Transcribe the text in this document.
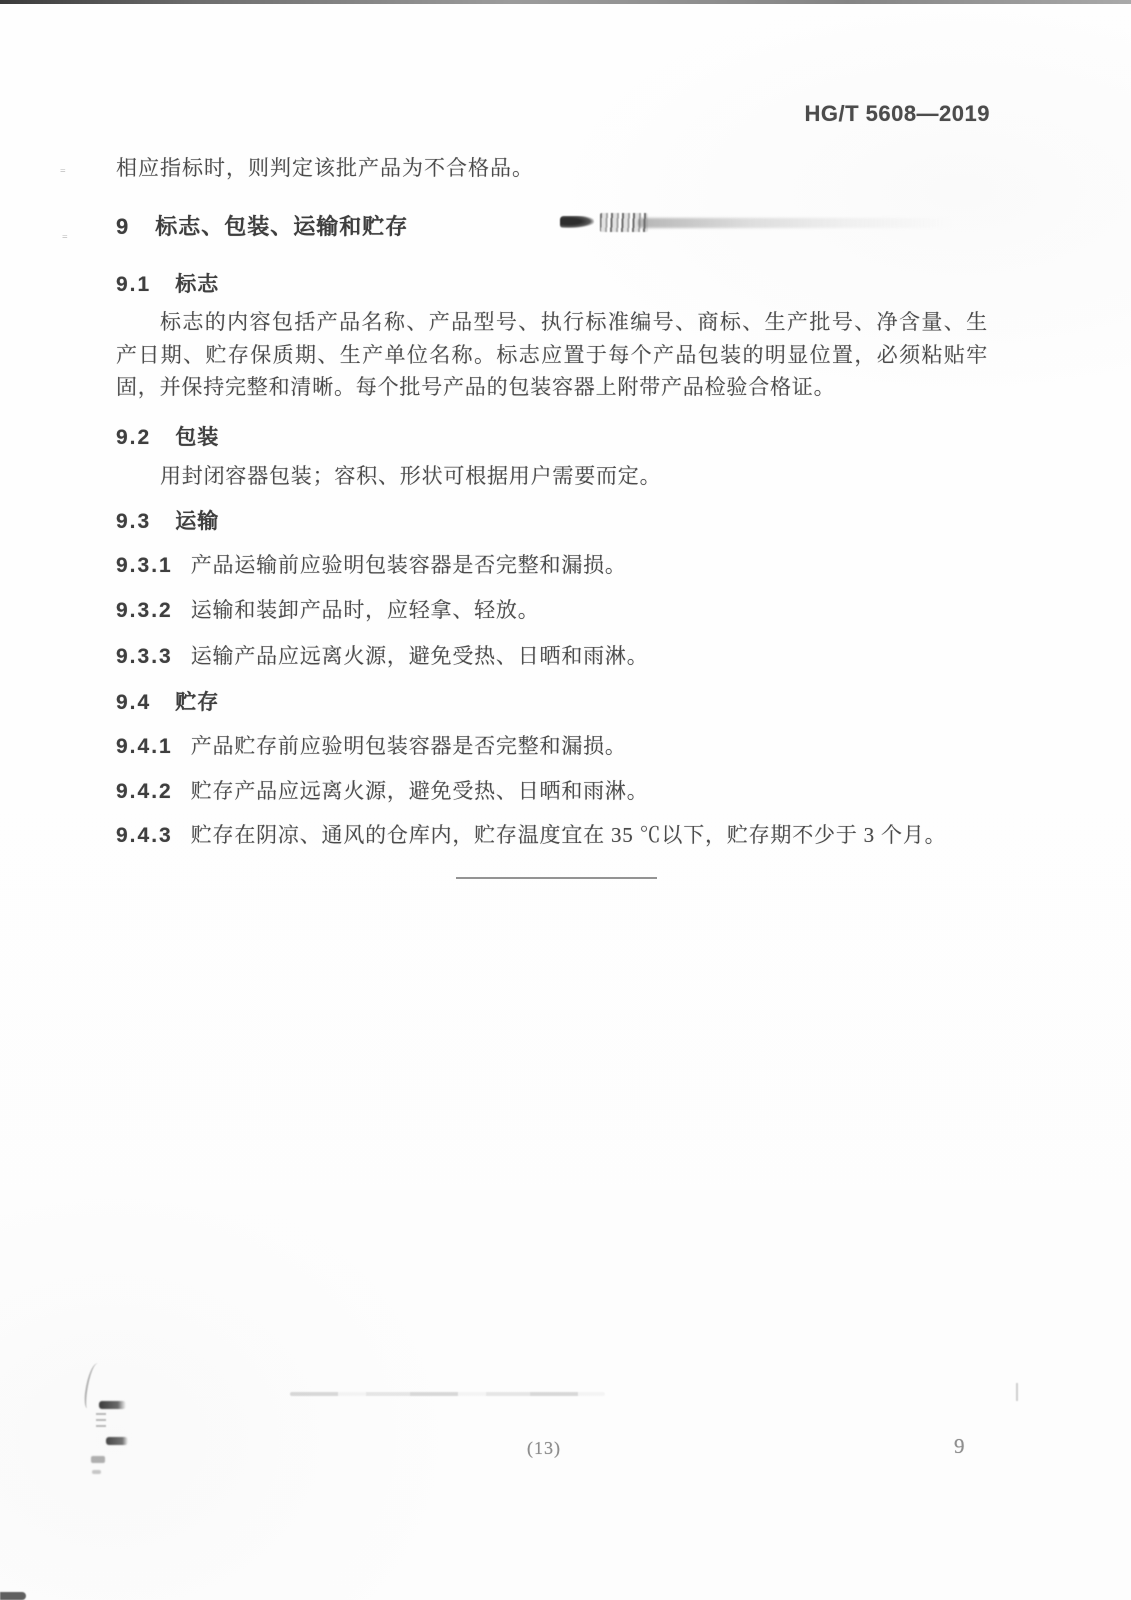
HG/T 5608—2019
=
=

相应指标时，则判定该批产品为不合格品。

9 标志、包装、运输和贮存
9.1 标志

标志的内容包括产品名称、产品型号、执行标准编号、商标、生产批号、净含量、生产日期、贮存保质期、生产单位名称。标志应置于每个产品包装的明显位置，必须粘贴牢固，并保持完整和清晰。每个批号产品的包装容器上附带产品检验合格证。

9.2 包装

用封闭容器包装；容积、形状可根据用户需要而定。

9.3 运输
9.3.1 产品运输前应验明包装容器是否完整和漏损。
9.3.2 运输和装卸产品时，应轻拿、轻放。
9.3.3 运输产品应远离火源，避免受热、日晒和雨淋。
9.4 贮存
9.4.1 产品贮存前应验明包装容器是否完整和漏损。
9.4.2 贮存产品应远离火源，避免受热、日晒和雨淋。
9.4.3 贮存在阴凉、通风的仓库内，贮存温度宜在 35 ℃以下，贮存期不少于 3 个月。
(13)	9
